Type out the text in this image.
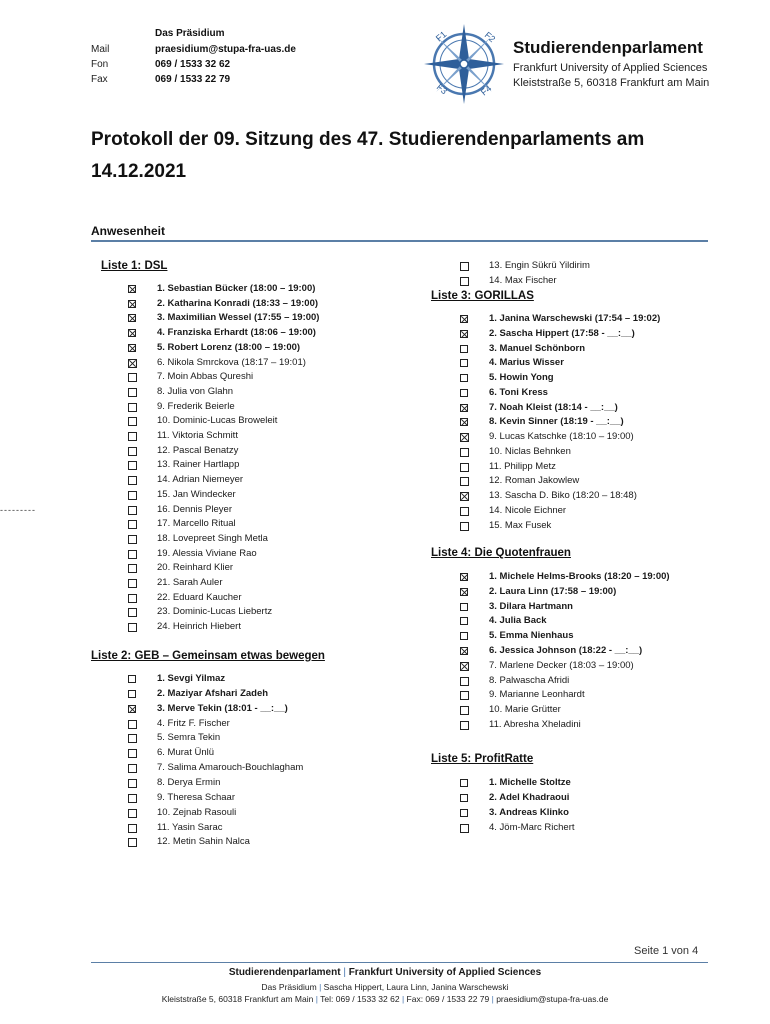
Das Präsidium
Mail	praesidium@stupa-fra-uas.de
Fon	069 / 1533 32 62
Fax	069 / 1533 22 79
F1	F2
F3	F4
Studierendenparlament
Frankfurt University of Applied Sciences
Kleiststraße 5, 60318 Frankfurt am Main
Protokoll der 09. Sitzung des 47. Studierendenparlaments am
14.12.2021
Anwesenheit
---------
Liste 1: DSL
1. Sebastian Bücker (18:00 – 19:00)
2. Katharina Konradi (18:33 – 19:00)
3. Maximilian Wessel (17:55 – 19:00)
4. Franziska Erhardt (18:06 – 19:00)
5. Robert Lorenz (18:00 – 19:00)
6. Nikola Smrckova (18:17 – 19:01)
7. Moin Abbas Qureshi
8. Julia von Glahn
9. Frederik Beierle
10. Dominic-Lucas Broweleit
11. Viktoria Schmitt
12. Pascal Benatzy
13. Rainer Hartlapp
14. Adrian Niemeyer
15. Jan Windecker
16. Dennis Pleyer
17. Marcello Ritual
18. Lovepreet Singh Metla
19. Alessia Viviane Rao
20. Reinhard Klier
21. Sarah Auler
22. Eduard Kaucher
23. Dominic-Lucas Liebertz
24. Heinrich Hiebert
Liste 2: GEB – Gemeinsam etwas bewegen
1. Sevgi Yilmaz
2. Maziyar Afshari Zadeh
3. Merve Tekin (18:01 - __:__)
4. Fritz F. Fischer
5. Semra Tekin
6. Murat Ünlü
7. Salima Amarouch-Bouchlagham
8. Derya Ermin
9. Theresa Schaar
10. Zejnab Rasouli
11. Yasin Sarac
12. Metin Sahin Nalca
13. Engin Sükrü Yildirim
14. Max Fischer
Liste 3: GORILLAS
1. Janina Warschewski (17:54 – 19:02)
2. Sascha Hippert (17:58 - __:__)
3. Manuel Schönborn
4. Marius Wisser
5. Howin Yong
6. Toni Kress
7. Noah Kleist (18:14 - __:__)
8. Kevin Sinner (18:19 - __:__)
9. Lucas Katschke (18:10 – 19:00)
10. Niclas Behnken
11. Philipp Metz
12. Roman Jakowlew
13. Sascha D. Biko (18:20 – 18:48)
14. Nicole Eichner
15. Max Fusek
Liste 4: Die Quotenfrauen
1. Michele Helms-Brooks (18:20 – 19:00)
2. Laura Linn (17:58 – 19:00)
3. Dilara Hartmann
4. Julia Back
5. Emma Nienhaus
6. Jessica Johnson (18:22 - __:__)
7. Marlene Decker (18:03 – 19:00)
8. Palwascha Afridi
9. Marianne Leonhardt
10. Marie Grütter
11. Abresha Xheladini
Liste 5: ProfitRatte
1. Michelle Stoltze
2. Adel Khadraoui
3. Andreas Klinko
4. Jöm-Marc Richert
Seite 1 von 4
Studierendenparlament | Frankfurt University of Applied Sciences
Das Präsidium | Sascha Hippert, Laura Linn, Janina Warschewski
Kleiststraße 5, 60318 Frankfurt am Main | Tel: 069 / 1533 32 62 | Fax: 069 / 1533 22 79 | praesidium@stupa-fra-uas.de
